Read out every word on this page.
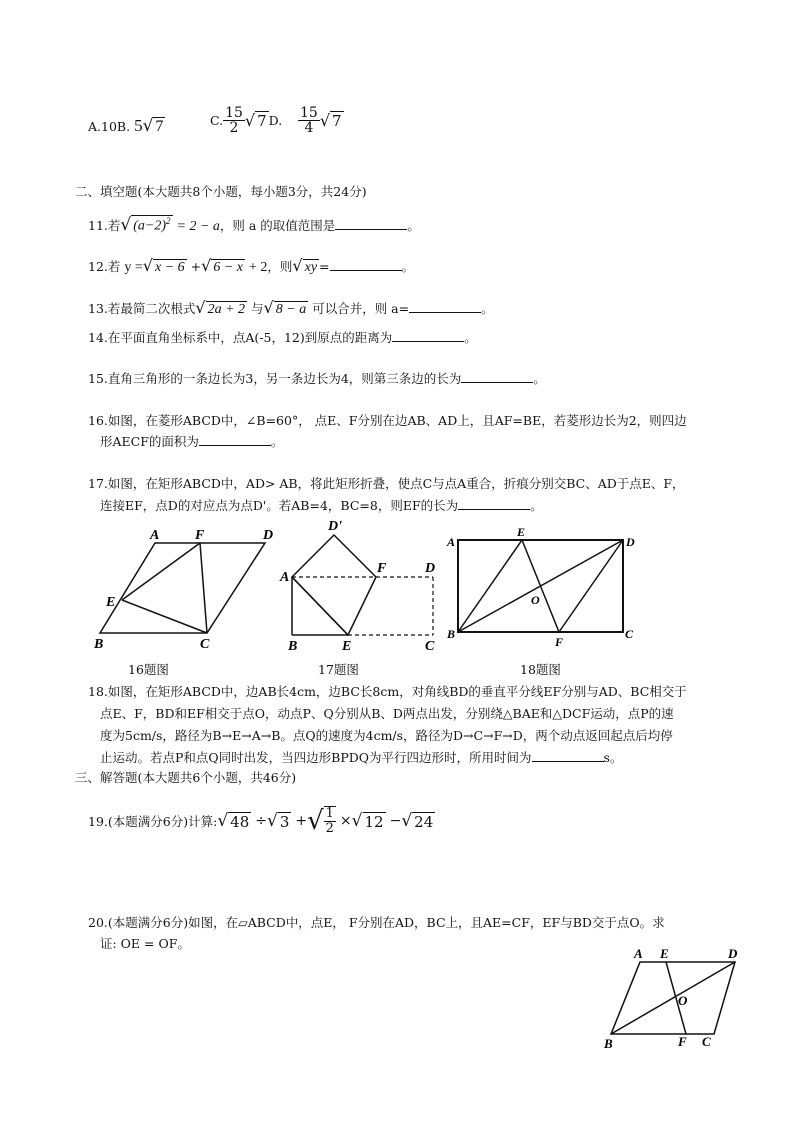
A.10B. 5√ 7	C. $\frac{15}{2}$ √ 7 D. $\frac{15}{4}$ √ 7
二、填空题(本大题共8个小题，每小题3分，共24分)
11.若√ $(a-2)^2 = 2 - a$，则 a 的取值范围是	。
12.若 y =√ x − 6 +√ 6 − x + 2，则√ xy =	。
13.若最简二次根式√ 2a + 2 与√ 8 − a 可以合并，则 a=	。
14.在平面直角坐标系中，点A(-5，12)到原点的距离为	。
15.直角三角形的一条边长为3，另一条边长为4，则第三条边的长为	。
16.如图，在菱形ABCD中，∠B=60°， 点E、F分别在边AB、AD上，且AF=BE，若菱形边长为2，则四边
形AECF的面积为	。
17.如图，在矩形ABCD中，AD> AB，将此矩形折叠，使点C与点A重合，折痕分别交BC、AD于点E、F，
连接EF，点D的对应点为点D'。若AB=4，BC=8，则EF的长为	。
A	F	D
E
B	C
16题图
D'
A
F	D
B	E	C
17题图
A
E
D
O
B
F
C
18题图
18.如图，在矩形ABCD中，边AB长4cm，边BC长8cm，对角线BD的垂直平分线EF分别与AD、BC相交于
点E、F，BD和EF相交于点O，动点P、Q分别从B、D两点出发，分别绕△BAE和△DCF运动，点P的速
度为5cm/s，路径为B→E→A→B。点Q的速度为4cm/s，路径为D→C→F→D，两个动点返回起点后均停
止运动。若点P和点Q同时出发，当四边形BPDQ为平行四边形时，所用时间为	s。
三、解答题(本大题共6个小题，共46分)
19.(本题满分6分)计算:√ 48 ÷√ 3 +√ $\frac{1}{2}$ ×√ 12 −√ 24
20.(本题满分6分)如图，在▱ABCD中，点E， F分别在AD，BC上，且AE=CF，EF与BD交于点O。求
证: OE = OF。
A E	D
O
B	F C
